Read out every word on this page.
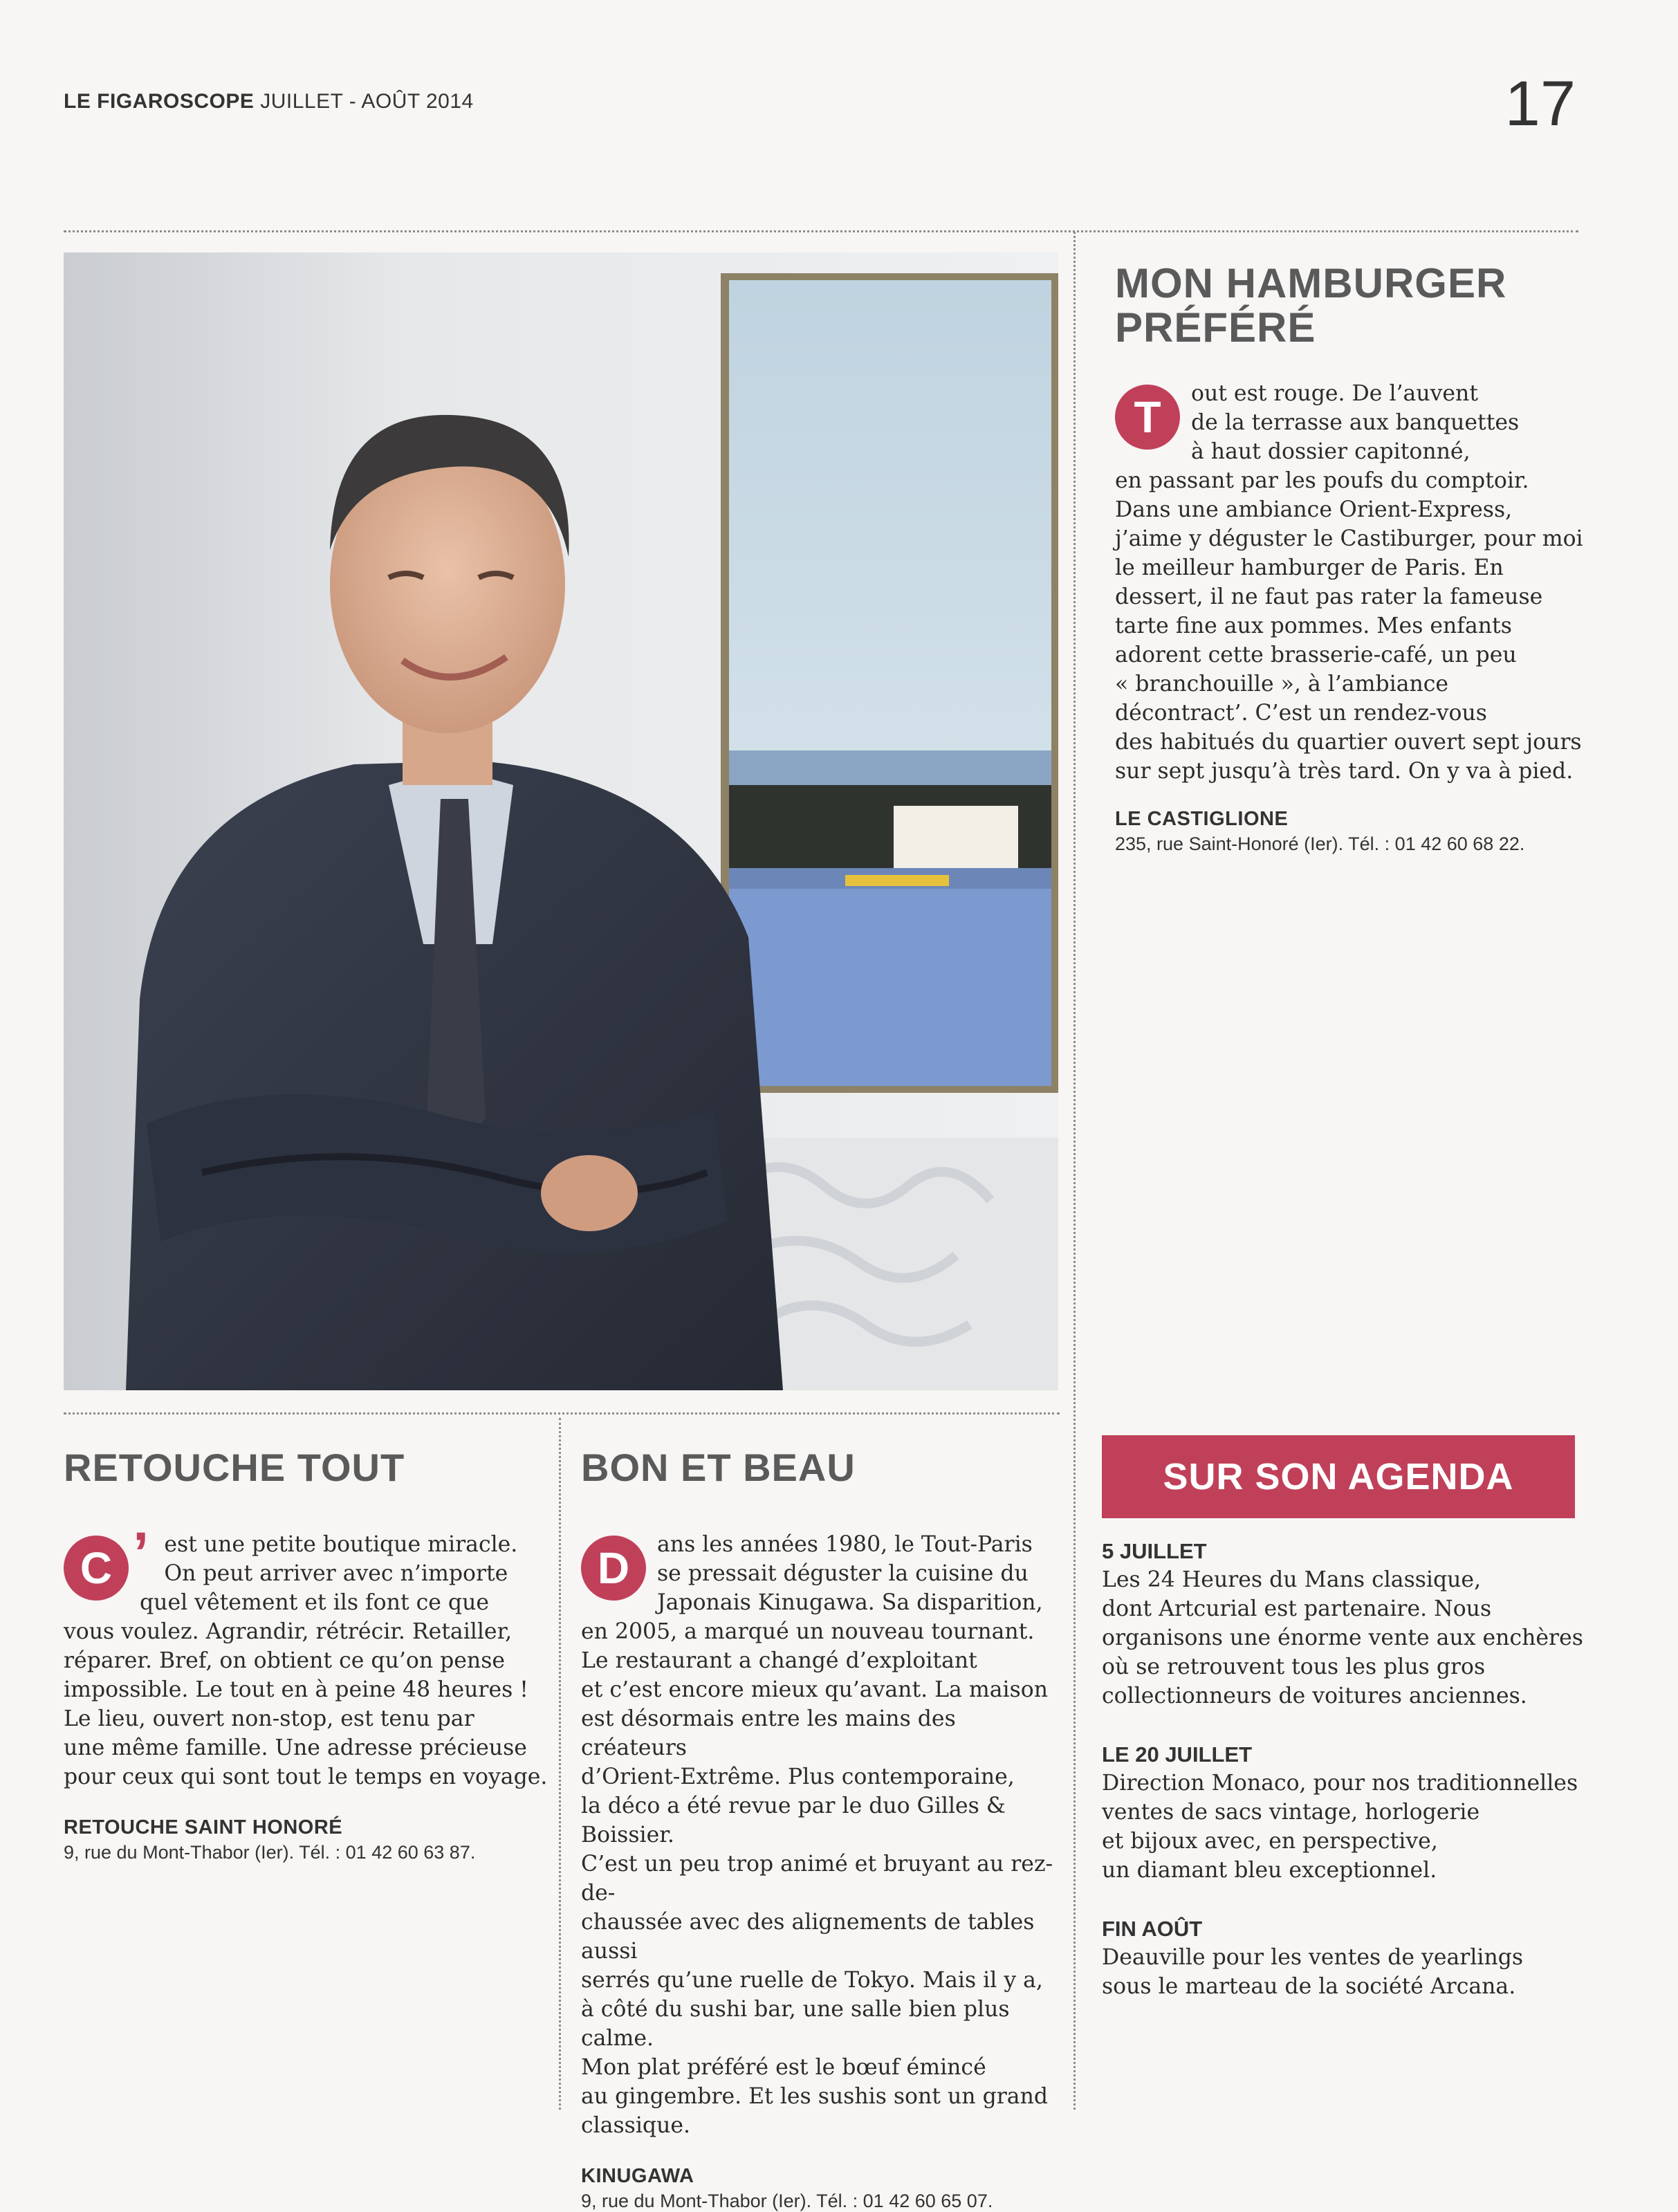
LE FIGAROSCOPE JUILLET - AOÛT 2014	17
MON HAMBURGER
PRÉFÉRÉ
T	out est rouge. De l’auvent
de la terrasse aux banquettes
à haut dossier capitonné,
en passant par les poufs du comptoir.
Dans une ambiance Orient-Express,
j’aime y déguster le Castiburger, pour moi
le meilleur hamburger de Paris. En
dessert, il ne faut pas rater la fameuse
tarte fine aux pommes. Mes enfants
adorent cette brasserie-café, un peu
« branchouille », à l’ambiance
décontract’. C’est un rendez-vous
des habitués du quartier ouvert sept jours
sur sept jusqu’à très tard. On y va à pied.

LE CASTIGLIONE

235, rue Saint-Honoré (Ier). Tél. : 01 42 60 68 22.

RETOUCHE TOUT
C ’ est une petite boutique miracle.
On peut arriver avec n’importe
quel vêtement et ils font ce que
vous voulez. Agrandir, rétrécir. Retailler,
réparer. Bref, on obtient ce qu’on pense
impossible. Le tout en à peine 48 heures !
Le lieu, ouvert non-stop, est tenu par
une même famille. Une adresse précieuse
pour ceux qui sont tout le temps en voyage.

RETOUCHE SAINT HONORÉ

9, rue du Mont-Thabor (Ier). Tél. : 01 42 60 63 87.

BON ET BEAU
D	ans les années 1980, le Tout-Paris
se pressait déguster la cuisine du
Japonais Kinugawa. Sa disparition,
en 2005, a marqué un nouveau tournant.
Le restaurant a changé d’exploitant
et c’est encore mieux qu’avant. La maison
est désormais entre les mains des créateurs
d’Orient-Extrême. Plus contemporaine,
la déco a été revue par le duo Gilles & Boissier.
C’est un peu trop animé et bruyant au rez-de-
chaussée avec des alignements de tables aussi
serrés qu’une ruelle de Tokyo. Mais il y a,
à côté du sushi bar, une salle bien plus calme.
Mon plat préféré est le bœuf émincé
au gingembre. Et les sushis sont un grand
classique.

KINUGAWA

9, rue du Mont-Thabor (Ier). Tél. : 01 42 60 65 07.

SUR SON AGENDA

5 JUILLET

Les 24 Heures du Mans classique,
dont Artcurial est partenaire. Nous
organisons une énorme vente aux enchères
où se retrouvent tous les plus gros
collectionneurs de voitures anciennes.

LE 20 JUILLET

Direction Monaco, pour nos traditionnelles
ventes de sacs vintage, horlogerie
et bijoux avec, en perspective,
un diamant bleu exceptionnel.

FIN AOÛT

Deauville pour les ventes de yearlings
sous le marteau de la société Arcana.
